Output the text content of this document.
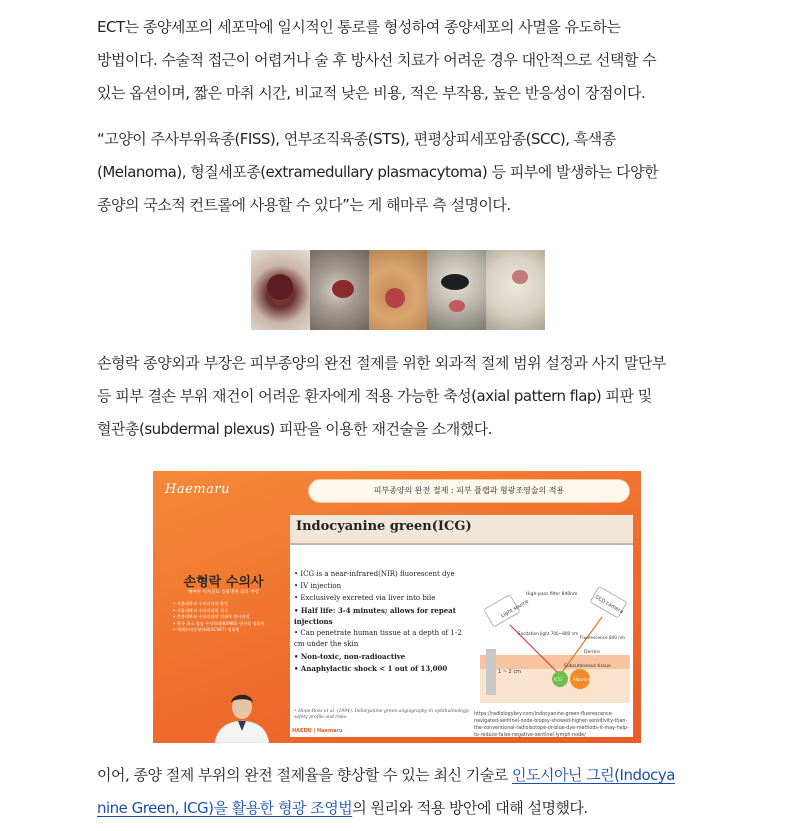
ECT는 종양세포의 세포막에 일시적인 통로를 형성하여 종양세포의 사멸을 유도하는
방법이다. 수술적 접근이 어렵거나 술 후 방사선 치료가 어려운 경우 대안적으로 선택할 수
있는 옵션이며, 짧은 마취 시간, 비교적 낮은 비용, 적은 부작용, 높은 반응성이 장점이다.
“고양이 주사부위육종(FISS), 연부조직육종(STS), 편평상피세포암종(SCC), 흑색종
(Melanoma), 형질세포종(extramedullary plasmacytoma) 등 피부에 발생하는 다양한
종양의 국소적 컨트롤에 사용할 수 있다”는 게 해마루 측 설명이다.
손형락 종양외과 부장은 피부종양의 완전 절제를 위한 외과적 절제 범위 설정과 사지 말단부
등 피부 결손 부위 재건이 어려운 환자에게 적용 가능한 축성(axial pattern flap) 피판 및
혈관총(subdermal plexus) 피판을 이용한 재건술을 소개했다.
Haemaru	피부종양의 완전 절제 : 피부 플랩과 형광조영술의 적용
손형락 수의사
해마루 이차진료 동물병원 외과 부장
• 서울대학교 수의과대학 졸업
• 서울대학교 수의과대학 석사
• 충북대학교 수의과대학 외과학 박사과정
• 한국 최소 침습 수의학회(KVMIS) 연구회 정회원
• 세계수의장형학회(ACVET) 정회원
Indocyanine green(ICG)
• ICG is a near-infrared(NIR) fluorescent dye
• IV injection
• Exclusively excreted via liver into bile
• Half life: 3-4 minutes; allows for repeat injections
• Can penetrate human tissue at a depth of 1-2 cm under the skin
• Non-toxic, non-radioactive
• Anaphylactic shock < 1 out of 13,000
• Hope-Ross et al. (1994). Indocyanine green angiography in ophthalmology: safety profile and risks.
Light source
High-pass filter 840nm	CCD camera
Excitation light 700~800 nm
Fluorescence 840 nm
Dermis
Subcutaneous tissue
1 ~ 2 cm
ICG	Albumin
https://radiologykey.com/indocyanine-green-fluorescence-navigated-sentinel-node-biopsy-showed-higher-sensitivity-than-the-conventional-radioisotope-or-blue-dye-methods-it-may-help-to-reduce-false-negative-sentinel-lymph-node/
HAEDU | Haemaru
이어, 종양 절제 부위의 완전 절제율을 향상할 수 있는 최신 기술로 인도시아닌 그린(Indocya
nine Green, ICG)을 활용한 형광 조영법의 원리와 적용 방안에 대해 설명했다.
